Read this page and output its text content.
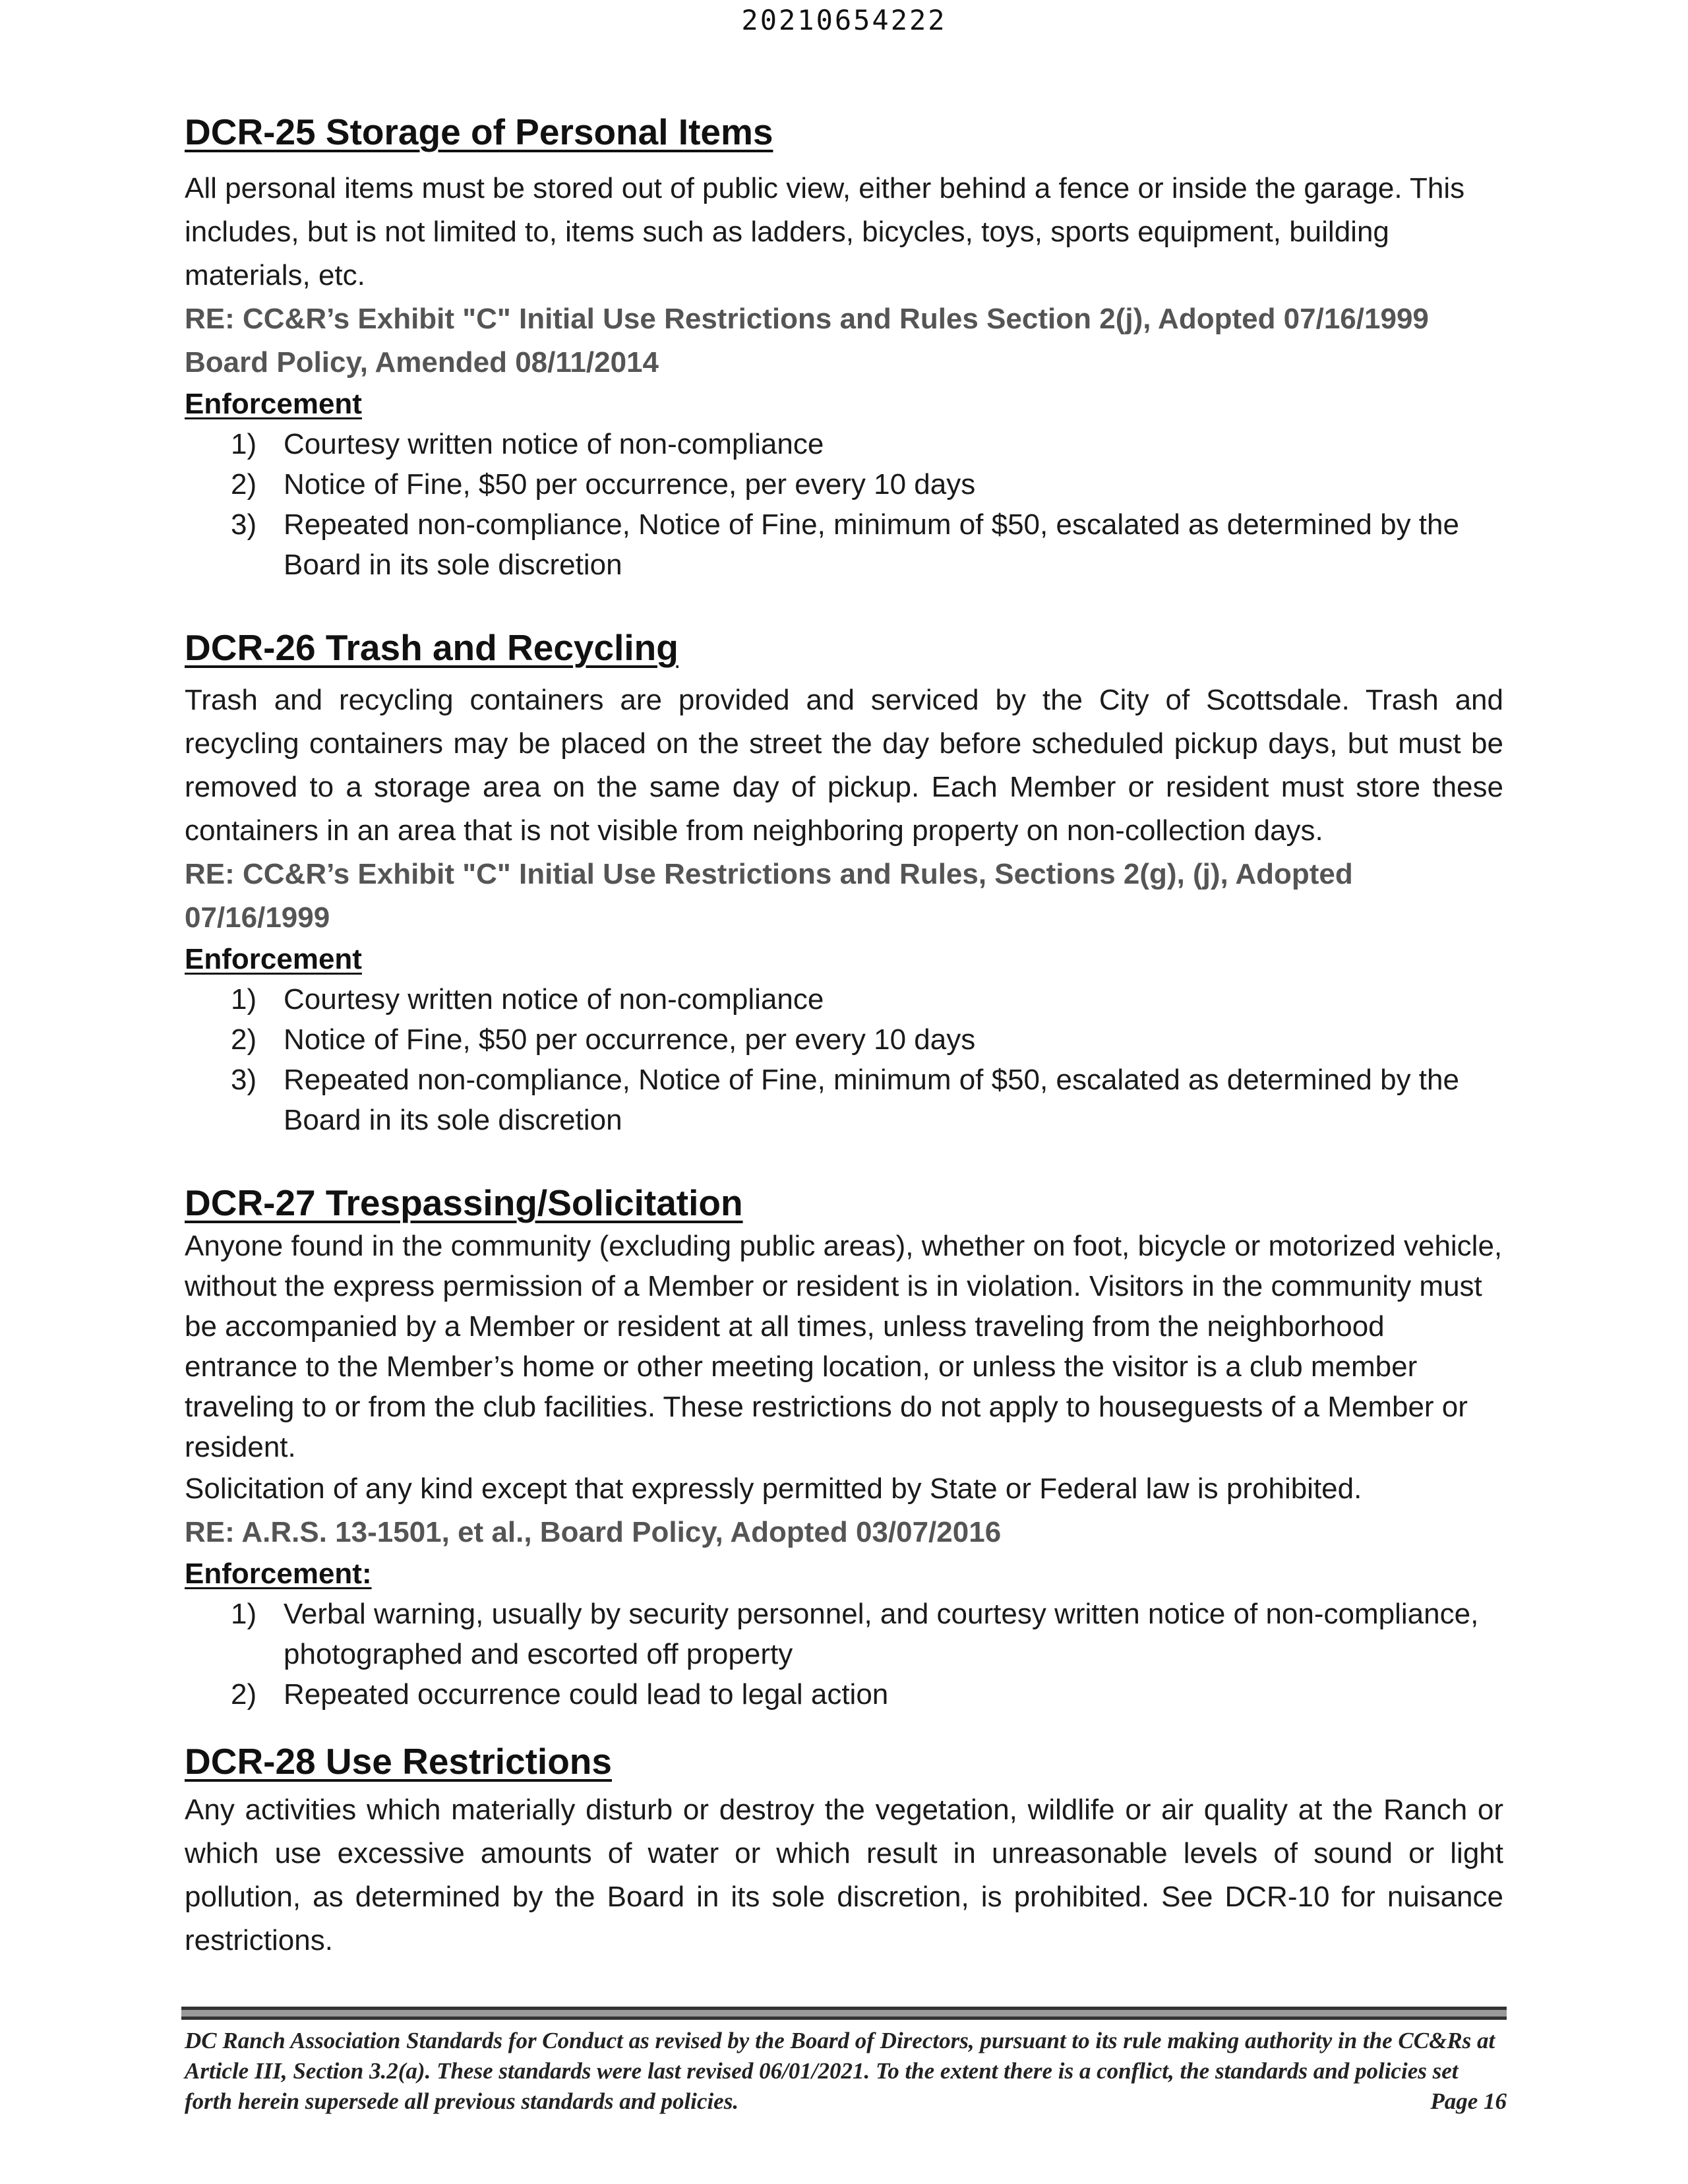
20210654222
DCR-25 Storage of Personal Items

All personal items must be stored out of public view, either behind a fence or inside the garage. This includes, but is not limited to, items such as ladders, bicycles, toys, sports equipment, building materials, etc.

RE: CC&R’s Exhibit "C" Initial Use Restrictions and Rules Section 2(j), Adopted 07/16/1999
Board Policy, Amended 08/11/2014
Enforcement
1) Courtesy written notice of non-compliance
2) Notice of Fine, $50 per occurrence, per every 10 days
3) Repeated non-compliance, Notice of Fine, minimum of $50, escalated as determined by the Board in its sole discretion
DCR-26 Trash and Recycling

Trash and recycling containers are provided and serviced by the City of Scottsdale. Trash and recycling containers may be placed on the street the day before scheduled pickup days, but must be removed to a storage area on the same day of pickup. Each Member or resident must store these containers in an area that is not visible from neighboring property on non-collection days.

RE: CC&R’s Exhibit "C" Initial Use Restrictions and Rules, Sections 2(g), (j), Adopted 07/16/1999
Enforcement
1) Courtesy written notice of non-compliance
2) Notice of Fine, $50 per occurrence, per every 10 days
3) Repeated non-compliance, Notice of Fine, minimum of $50, escalated as determined by the Board in its sole discretion
DCR-27 Trespassing/Solicitation

Anyone found in the community (excluding public areas), whether on foot, bicycle or motorized vehicle, without the express permission of a Member or resident is in violation. Visitors in the community must be accompanied by a Member or resident at all times, unless traveling from the neighborhood entrance to the Member’s home or other meeting location, or unless the visitor is a club member traveling to or from the club facilities. These restrictions do not apply to houseguests of a Member or resident.

Solicitation of any kind except that expressly permitted by State or Federal law is prohibited.

RE: A.R.S. 13-1501, et al., Board Policy, Adopted 03/07/2016
Enforcement:
1) Verbal warning, usually by security personnel, and courtesy written notice of non-compliance, photographed and escorted off property
2) Repeated occurrence could lead to legal action
DCR-28 Use Restrictions

Any activities which materially disturb or destroy the vegetation, wildlife or air quality at the Ranch or which use excessive amounts of water or which result in unreasonable levels of sound or light pollution, as determined by the Board in its sole discretion, is prohibited. See DCR-10 for nuisance restrictions.

DC Ranch Association Standards for Conduct as revised by the Board of Directors, pursuant to its rule making authority in the CC&Rs at Article III, Section 3.2(a). These standards were last revised 06/01/2021. To the extent there is a conflict, the standards and policies set forth herein supersede all previous standards and policies.	Page 16
